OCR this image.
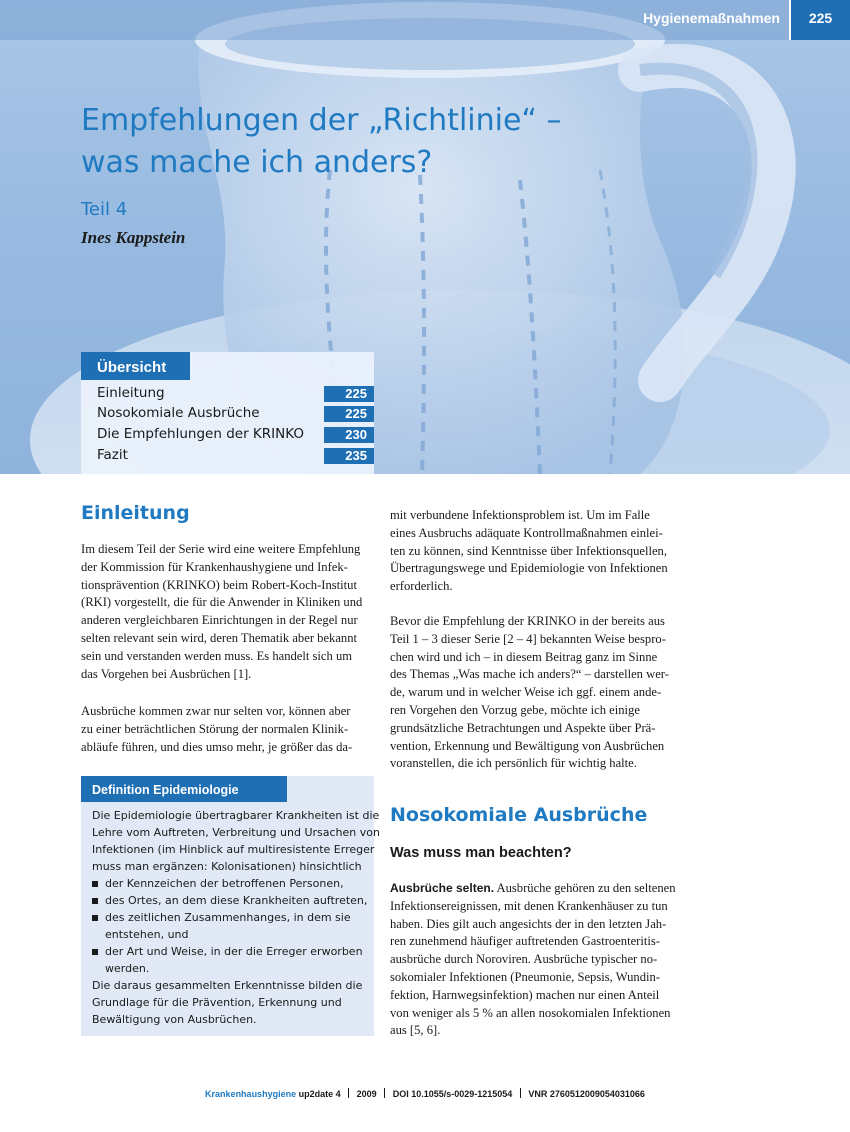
Hygienemaßnahmen	225
Empfehlungen der „Richtlinie“ –
was mache ich anders?
Teil 4
Ines Kappstein
Übersicht
Einleitung	225
Nosokomiale Ausbrüche	225
Die Empfehlungen der KRINKO	230
Fazit	235
Einleitung
Im diesem Teil der Serie wird eine weitere Empfehlung
der Kommission für Krankenhaushygiene und Infek-
tionsprävention (KRINKO) beim Robert-Koch-Institut
(RKI) vorgestellt, die für die Anwender in Kliniken und
anderen vergleichbaren Einrichtungen in der Regel nur
selten relevant sein wird, deren Thematik aber bekannt
sein und verstanden werden muss. Es handelt sich um
das Vorgehen bei Ausbrüchen [1].
Ausbrüche kommen zwar nur selten vor, können aber
zu einer beträchtlichen Störung der normalen Klinik-
abläufe führen, und dies umso mehr, je größer das da-
Definition Epidemiologie
Die Epidemiologie übertragbarer Krankheiten ist die
Lehre vom Auftreten, Verbreitung und Ursachen von
Infektionen (im Hinblick auf multiresistente Erreger
muss man ergänzen: Kolonisationen) hinsichtlich
der Kennzeichen der betroffenen Personen,
des Ortes, an dem diese Krankheiten auftreten,
des zeitlichen Zusammenhanges, in dem sie
entstehen, und
der Art und Weise, in der die Erreger erworben
werden.
Die daraus gesammelten Erkenntnisse bilden die
Grundlage für die Prävention, Erkennung und
Bewältigung von Ausbrüchen.
mit verbundene Infektionsproblem ist. Um im Falle
eines Ausbruchs adäquate Kontrollmaßnahmen einlei-
ten zu können, sind Kenntnisse über Infektionsquellen,
Übertragungswege und Epidemiologie von Infektionen
erforderlich.
Bevor die Empfehlung der KRINKO in der bereits aus
Teil 1 – 3 dieser Serie [2 – 4] bekannten Weise bespro-
chen wird und ich – in diesem Beitrag ganz im Sinne
des Themas „Was mache ich anders?“ – darstellen wer-
de, warum und in welcher Weise ich ggf. einem ande-
ren Vorgehen den Vorzug gebe, möchte ich einige
grundsätzliche Betrachtungen und Aspekte über Prä-
vention, Erkennung und Bewältigung von Ausbrüchen
voranstellen, die ich persönlich für wichtig halte.
Nosokomiale Ausbrüche
Was muss man beachten?
Ausbrüche selten. Ausbrüche gehören zu den seltenen
Infektionsereignissen, mit denen Krankenhäuser zu tun
haben. Dies gilt auch angesichts der in den letzten Jah-
ren zunehmend häufiger auftretenden Gastroenteritis-
ausbrüche durch Noroviren. Ausbrüche typischer no-
sokomialer Infektionen (Pneumonie, Sepsis, Wundin-
fektion, Harnwegsinfektion) machen nur einen Anteil
von weniger als 5 % an allen nosokomialen Infektionen
aus [5, 6].
Krankenhaushygiene up2date 4 2009 DOI 10.1055/s-0029-1215054 VNR 2760512009054031066
